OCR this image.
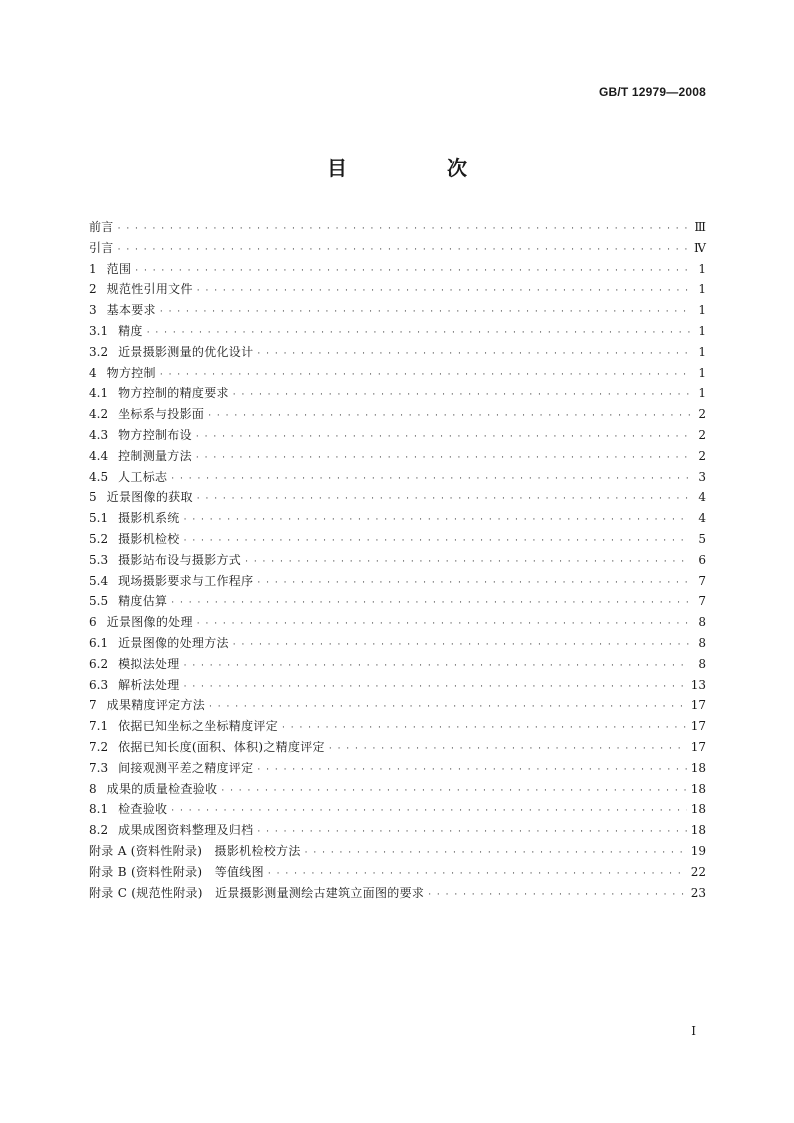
GB/T 12979—2008
目　次
前言 · · ·	Ⅲ
引言 · · ·	Ⅳ
1 范围 · · ·	1
2 规范性引用文件 · · ·	1
3 基本要求 · · ·	1
3.1 精度 · · ·	1
3.2 近景摄影测量的优化设计 · · ·	1
4 物方控制 · · ·	1
4.1 物方控制的精度要求 · · ·	1
4.2 坐标系与投影面 · · ·	2
4.3 物方控制布设 · · ·	2
4.4 控制测量方法 · · ·	2
4.5 人工标志 · · ·	3
5 近景图像的获取 · · ·	4
5.1 摄影机系统 · · ·	4
5.2 摄影机检校 · · ·	5
5.3 摄影站布设与摄影方式 · · ·	6
5.4 现场摄影要求与工作程序 · · ·	7
5.5 精度估算 · · ·	7
6 近景图像的处理 · · ·	8
6.1 近景图像的处理方法 · · ·	8
6.2 模拟法处理 · · ·	8
6.3 解析法处理 · · ·	13
7 成果精度评定方法 · · ·	17
7.1 依据已知坐标之坐标精度评定 · · ·	17
7.2 依据已知长度(面积、体积)之精度评定 · · ·	17
7.3 间接观测平差之精度评定 · · ·	18
8 成果的质量检查验收 · · ·	18
8.1 检查验收 · · ·	18
8.2 成果成图资料整理及归档 · · ·	18
附录 A (资料性附录)　摄影机检校方法 · · ·	19
附录 B (资料性附录)　等值线图 · · ·	22
附录 C (规范性附录)　近景摄影测量测绘古建筑立面图的要求 · · ·	23
I
